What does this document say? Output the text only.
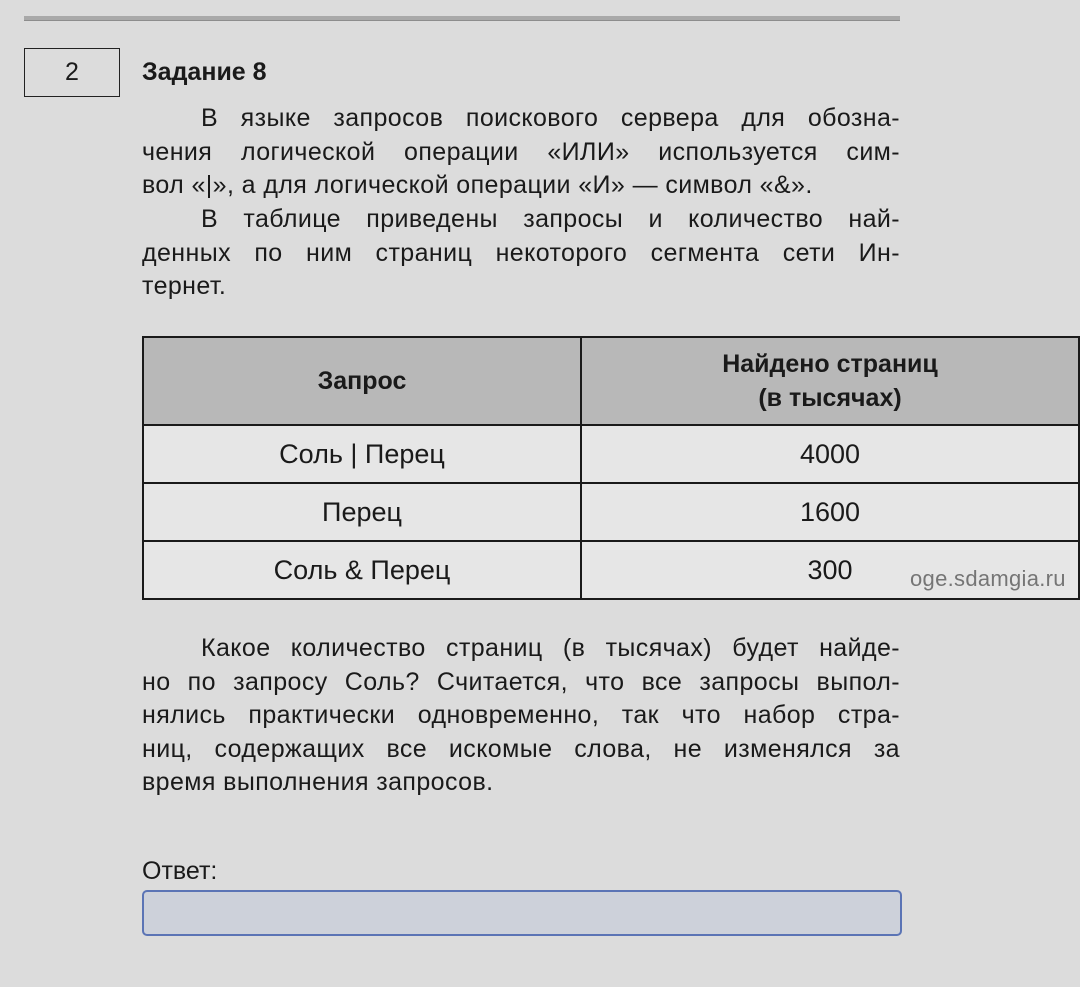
2	Задание 8

В языке запросов поискового сервера для обозна-
чения логической операции «ИЛИ» используется сим-
вол «|», а для логической операции «И» — символ «&».

В таблице приведены запросы и количество най-
денных по ним страниц некоторого сегмента сети Ин-
тернет.

Запрос	Найдено страниц
(в тысячах)
Соль | Перец	4000
Перец	1600
Соль & Перец	300	oge.sdamgia.ru

Какое количество страниц (в тысячах) будет найде-
но по запросу Соль? Считается, что все запросы выпол-
нялись практически одновременно, так что набор стра-
ниц, содержащих все искомые слова, не изменялся за
время выполнения запросов.

Ответ:
